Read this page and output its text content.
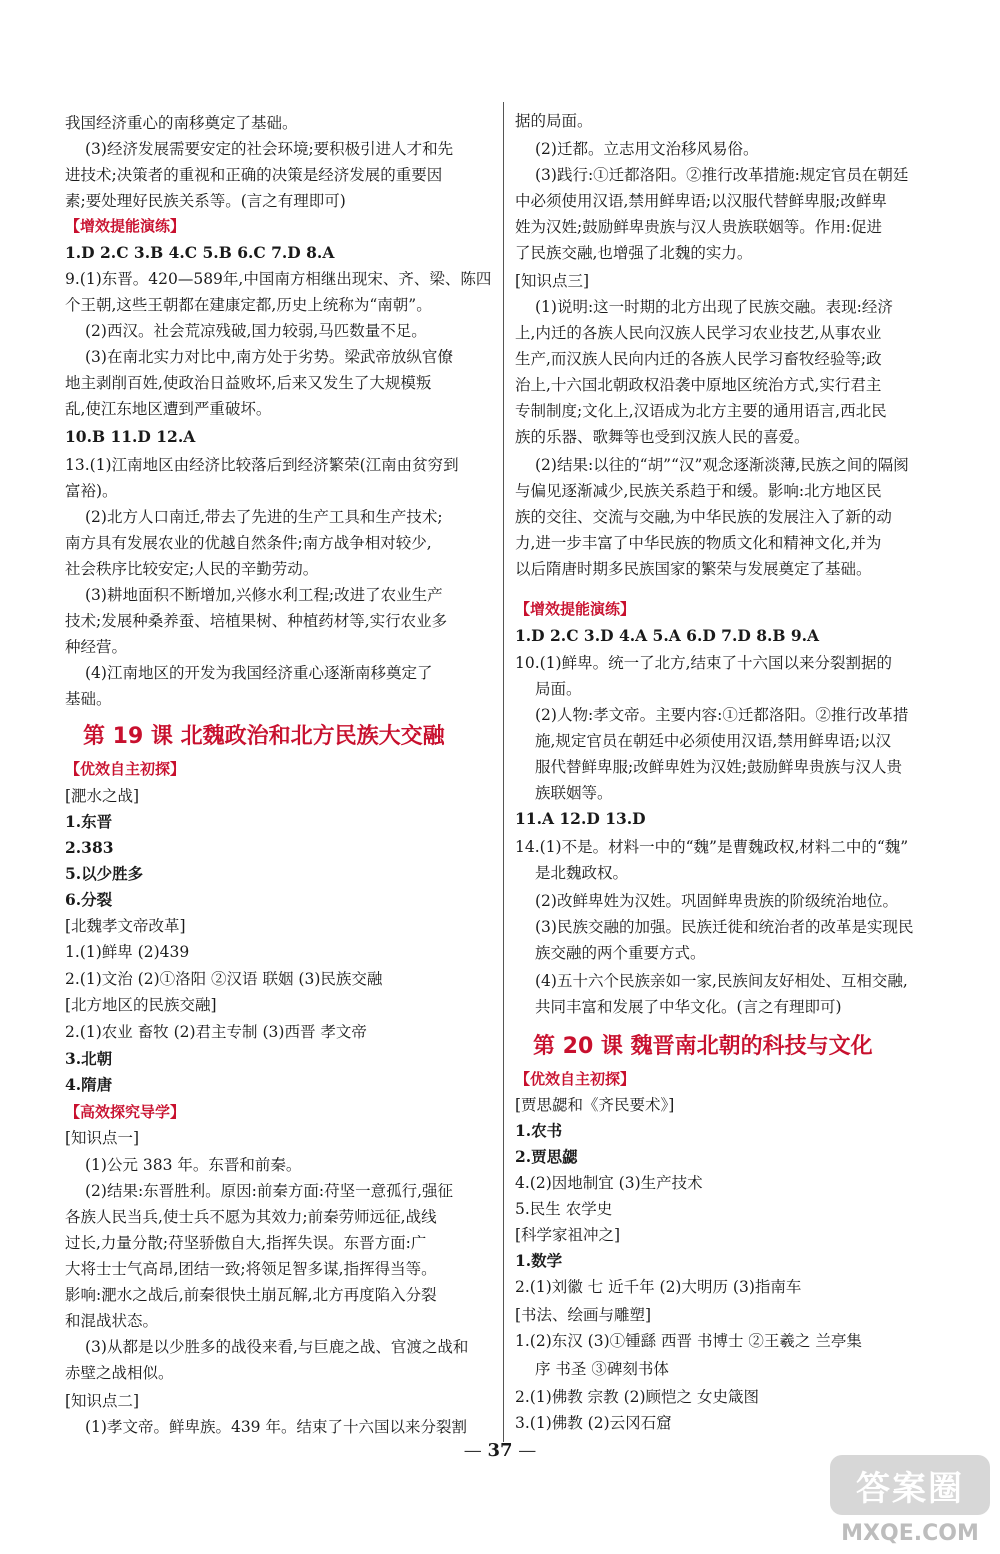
我国经济重心的南移奠定了基础。
(3)经济发展需要安定的社会环境;要积极引进人才和先
进技术;决策者的重视和正确的决策是经济发展的重要因
素;要处理好民族关系等。(言之有理即可)
【增效提能演练】
1.D 2.C 3.B 4.C 5.B 6.C 7.D 8.A
9.(1)东晋。420—589年,中国南方相继出现宋、齐、梁、陈四
个王朝,这些王朝都在建康定都,历史上统称为“南朝”。
(2)西汉。社会荒凉残破,国力较弱,马匹数量不足。
(3)在南北实力对比中,南方处于劣势。梁武帝放纵官僚
地主剥削百姓,使政治日益败坏,后来又发生了大规模叛
乱,使江东地区遭到严重破坏。
10.B 11.D 12.A
13.(1)江南地区由经济比较落后到经济繁荣(江南由贫穷到
富裕)。
(2)北方人口南迁,带去了先进的生产工具和生产技术;
南方具有发展农业的优越自然条件;南方战争相对较少,
社会秩序比较安定;人民的辛勤劳动。
(3)耕地面积不断增加,兴修水利工程;改进了农业生产
技术;发展种桑养蚕、培植果树、种植药材等,实行农业多
种经营。
(4)江南地区的开发为我国经济重心逐渐南移奠定了
基础。
第 19 课 北魏政治和北方民族大交融
【优效自主初探】
[淝水之战]
1.东晋
2.383
5.以少胜多
6.分裂
[北魏孝文帝改革]
1.(1)鲜卑 (2)439
2.(1)文治 (2)①洛阳 ②汉语 联姻 (3)民族交融
[北方地区的民族交融]
2.(1)农业 畜牧 (2)君主专制 (3)西晋 孝文帝
3.北朝
4.隋唐
【高效探究导学】
[知识点一]
(1)公元 383 年。东晋和前秦。
(2)结果:东晋胜利。原因:前秦方面:苻坚一意孤行,强征
各族人民当兵,使士兵不愿为其效力;前秦劳师远征,战线
过长,力量分散;苻坚骄傲自大,指挥失误。东晋方面:广
大将士士气高昂,团结一致;将领足智多谋,指挥得当等。
影响:淝水之战后,前秦很快土崩瓦解,北方再度陷入分裂
和混战状态。
(3)从都是以少胜多的战役来看,与巨鹿之战、官渡之战和
赤壁之战相似。
[知识点二]
(1)孝文帝。鲜卑族。439 年。结束了十六国以来分裂割
据的局面。
(2)迁都。立志用文治移风易俗。
(3)践行:①迁都洛阳。②推行改革措施:规定官员在朝廷
中必须使用汉语,禁用鲜卑语;以汉服代替鲜卑服;改鲜卑
姓为汉姓;鼓励鲜卑贵族与汉人贵族联姻等。作用:促进
了民族交融,也增强了北魏的实力。
[知识点三]
(1)说明:这一时期的北方出现了民族交融。表现:经济
上,内迁的各族人民向汉族人民学习农业技艺,从事农业
生产,而汉族人民向内迁的各族人民学习畜牧经验等;政
治上,十六国北朝政权沿袭中原地区统治方式,实行君主
专制制度;文化上,汉语成为北方主要的通用语言,西北民
族的乐器、歌舞等也受到汉族人民的喜爱。
(2)结果:以往的“胡”“汉”观念逐渐淡薄,民族之间的隔阂
与偏见逐渐减少,民族关系趋于和缓。影响:北方地区民
族的交往、交流与交融,为中华民族的发展注入了新的动
力,进一步丰富了中华民族的物质文化和精神文化,并为
以后隋唐时期多民族国家的繁荣与发展奠定了基础。
【增效提能演练】
1.D 2.C 3.D 4.A 5.A 6.D 7.D 8.B 9.A
10.(1)鲜卑。统一了北方,结束了十六国以来分裂割据的
局面。
(2)人物:孝文帝。主要内容:①迁都洛阳。②推行改革措
施,规定官员在朝廷中必须使用汉语,禁用鲜卑语;以汉
服代替鲜卑服;改鲜卑姓为汉姓;鼓励鲜卑贵族与汉人贵
族联姻等。
11.A 12.D 13.D
14.(1)不是。材料一中的“魏”是曹魏政权,材料二中的“魏”
是北魏政权。
(2)改鲜卑姓为汉姓。巩固鲜卑贵族的阶级统治地位。
(3)民族交融的加强。民族迁徙和统治者的改革是实现民
族交融的两个重要方式。
(4)五十六个民族亲如一家,民族间友好相处、互相交融,
共同丰富和发展了中华文化。(言之有理即可)
第 20 课 魏晋南北朝的科技与文化
【优效自主初探】
[贾思勰和《齐民要术》]
1.农书
2.贾思勰
4.(2)因地制宜 (3)生产技术
5.民生 农学史
[科学家祖冲之]
1.数学
2.(1)刘徽 七 近千年 (2)大明历 (3)指南车
[书法、绘画与雕塑]
1.(2)东汉 (3)①锺繇 西晋 书博士 ②王羲之 兰亭集
序 书圣 ③碑刻书体
2.(1)佛教 宗教 (2)顾恺之 女史箴图
3.(1)佛教 (2)云冈石窟
— 37 —
答案圈
MXQE.COM
